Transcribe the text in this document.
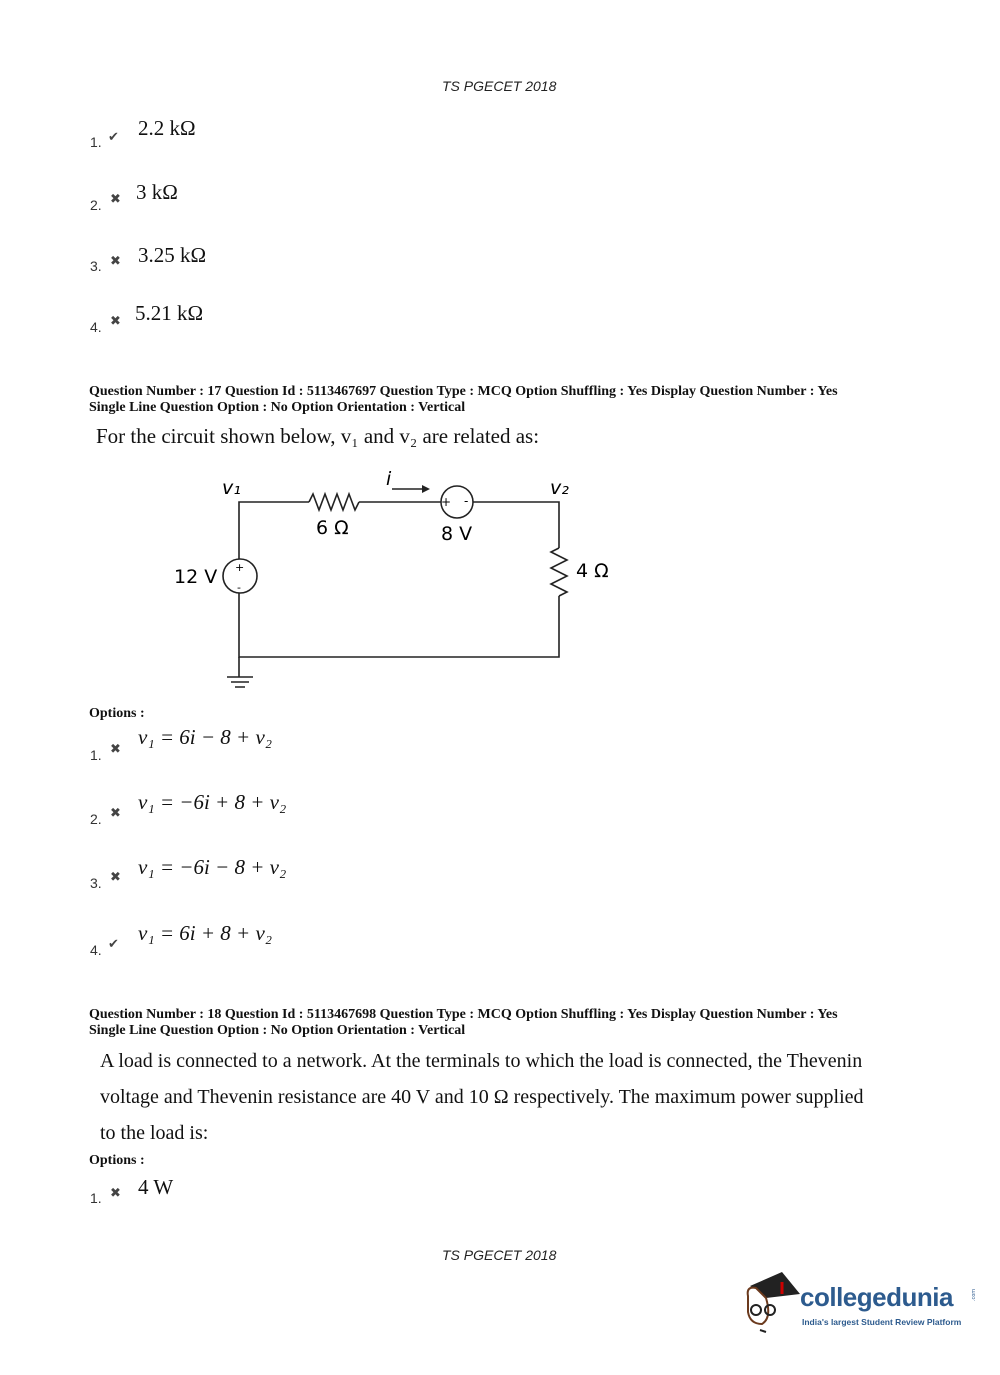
TS PGECET 2018
1. ✔ 2.2 kΩ
2. ✖ 3 kΩ
3. ✖ 3.25 kΩ
4. ✖ 5.21 kΩ
Question Number : 17 Question Id : 5113467697 Question Type : MCQ Option Shuffling : Yes Display Question Number : Yes
Single Line Question Option : No Option Orientation : Vertical
For the circuit shown below, v₁ and v₂ are related as:
+ -
+
-
v₁	v₂
i
6 Ω	8 V
12 V	4 Ω
Options :
1. ✖
v₁ = 6i − 8 + v₂
2. ✖ v₁ = −6i + 8 + v₂
3. ✖ v₁ = −6i − 8 + v₂
4. ✔ v₁ = 6i + 8 + v₂
Question Number : 18 Question Id : 5113467698 Question Type : MCQ Option Shuffling : Yes Display Question Number : Yes
Single Line Question Option : No Option Orientation : Vertical
A load is connected to a network. At the terminals to which the load is connected, the Thevenin
voltage and Thevenin resistance are 40 V and 10 Ω respectively. The maximum power supplied
to the load is:
Options :
1. ✖ 4 W
TS PGECET 2018
collegedunia	.com
India's largest Student Review Platform
